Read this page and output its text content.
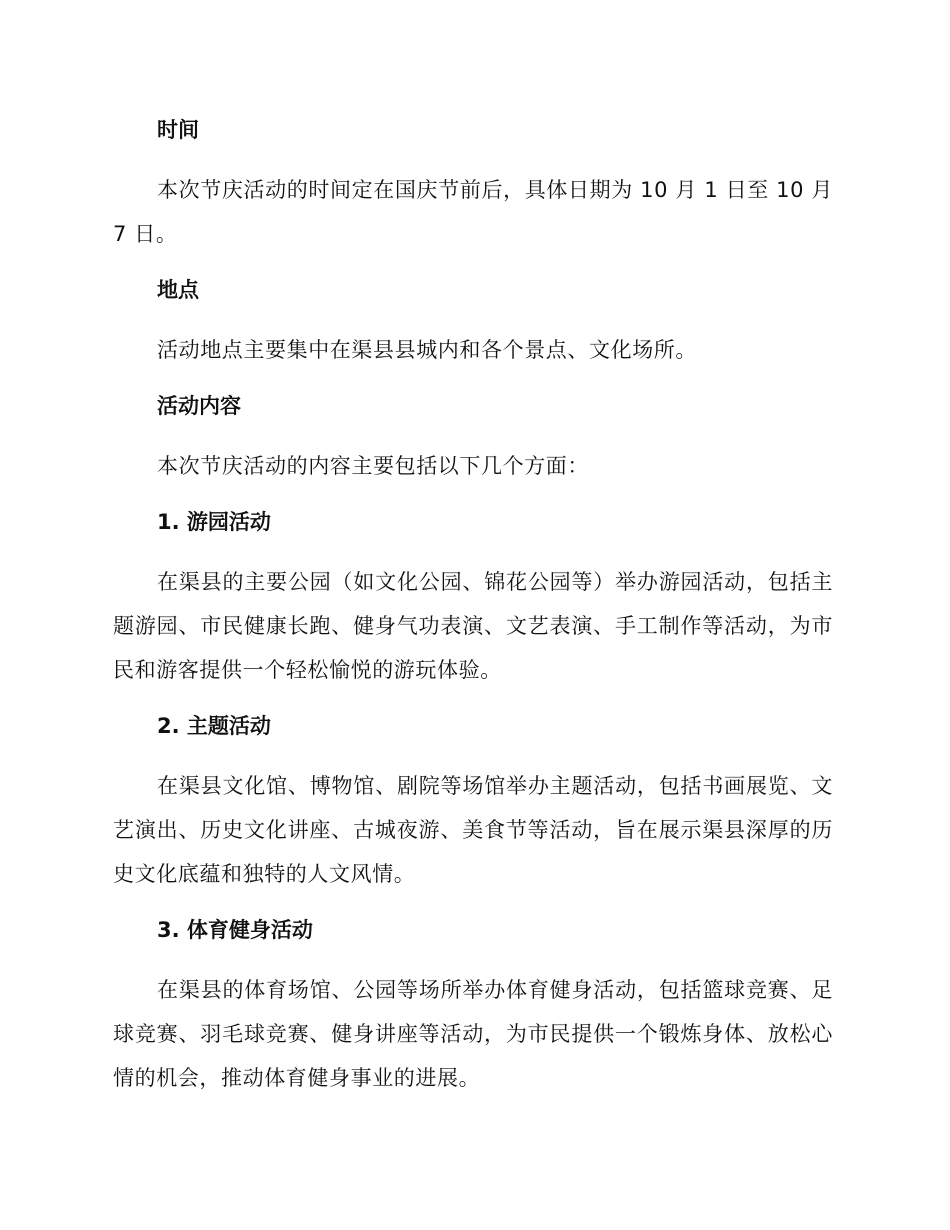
时间

本次节庆活动的时间定在国庆节前后，具体日期为 10 月 1 日至 10 月 7 日。

地点

活动地点主要集中在渠县县城内和各个景点、文化场所。

活动内容

本次节庆活动的内容主要包括以下几个方面：

1. 游园活动

在渠县的主要公园（如文化公园、锦花公园等）举办游园活动，包括主题游园、市民健康长跑、健身气功表演、文艺表演、手工制作等活动，为市民和游客提供一个轻松愉悦的游玩体验。

2. 主题活动

在渠县文化馆、博物馆、剧院等场馆举办主题活动，包括书画展览、文艺演出、历史文化讲座、古城夜游、美食节等活动，旨在展示渠县深厚的历史文化底蕴和独特的人文风情。

3. 体育健身活动

在渠县的体育场馆、公园等场所举办体育健身活动，包括篮球竞赛、足球竞赛、羽毛球竞赛、健身讲座等活动，为市民提供一个锻炼身体、放松心情的机会，推动体育健身事业的进展。
